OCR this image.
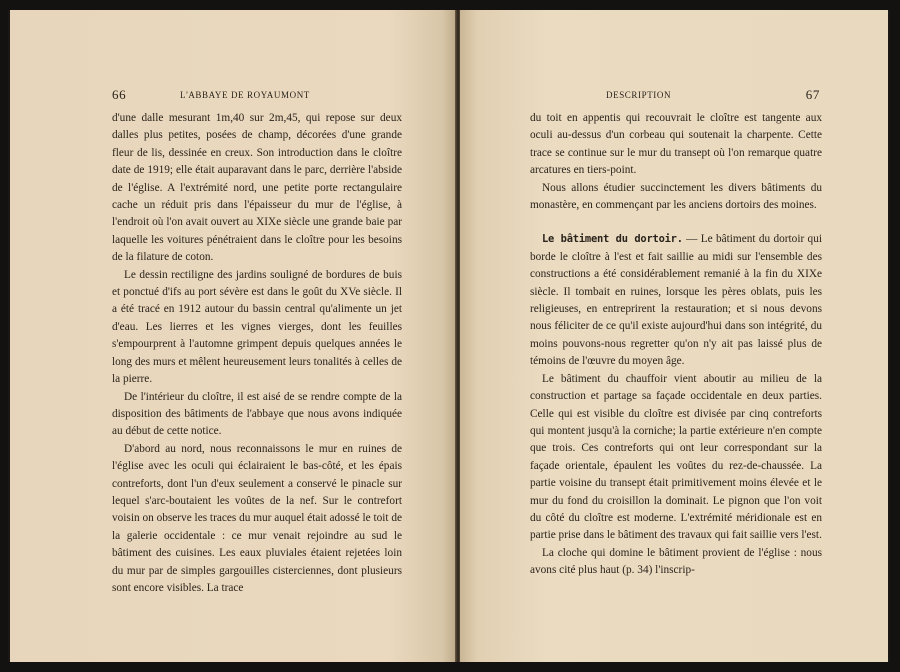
66	L'ABBAYE DE ROYAUMONT

d'une dalle mesurant 1m,40 sur 2m,45, qui repose sur deux dalles plus petites, posées de champ, décorées d'une grande fleur de lis, dessinée en creux. Son introduction dans le cloître date de 1919; elle était auparavant dans le parc, derrière l'abside de l'église. A l'extrémité nord, une petite porte rectangulaire cache un réduit pris dans l'épaisseur du mur de l'église, à l'endroit où l'on avait ouvert au XIXe siècle une grande baie par laquelle les voitures pénétraient dans le cloître pour les besoins de la filature de coton.

Le dessin rectiligne des jardins souligné de bordures de buis et ponctué d'ifs au port sévère est dans le goût du XVe siècle. Il a été tracé en 1912 autour du bassin central qu'alimente un jet d'eau. Les lierres et les vignes vierges, dont les feuilles s'empourprent à l'automne grimpent depuis quelques années le long des murs et mêlent heureusement leurs tonalités à celles de la pierre.

De l'intérieur du cloître, il est aisé de se rendre compte de la disposition des bâtiments de l'abbaye que nous avons indiquée au début de cette notice.

D'abord au nord, nous reconnaissons le mur en ruines de l'église avec les oculi qui éclairaient le bas-côté, et les épais contreforts, dont l'un d'eux seulement a conservé le pinacle sur lequel s'arc-boutaient les voûtes de la nef. Sur le contrefort voisin on observe les traces du mur auquel était adossé le toit de la galerie occidentale : ce mur venait rejoindre au sud le bâtiment des cuisines. Les eaux pluviales étaient rejetées loin du mur par de simples gargouilles cisterciennes, dont plusieurs sont encore visibles. La trace

DESCRIPTION	67

du toit en appentis qui recouvrait le cloître est tangente aux oculi au-dessus d'un corbeau qui soutenait la charpente. Cette trace se continue sur le mur du transept où l'on remarque quatre arcatures en tiers-point.

Nous allons étudier succinctement les divers bâtiments du monastère, en commençant par les anciens dortoirs des moines.

Le bâtiment du dortoir. — Le bâtiment du dortoir qui borde le cloître à l'est et fait saillie au midi sur l'ensemble des constructions a été considérablement remanié à la fin du XIXe siècle. Il tombait en ruines, lorsque les pères oblats, puis les religieuses, en entreprirent la restauration; et si nous devons nous féliciter de ce qu'il existe aujourd'hui dans son intégrité, du moins pouvons-nous regretter qu'on n'y ait pas laissé plus de témoins de l'œuvre du moyen âge.

Le bâtiment du chauffoir vient aboutir au milieu de la construction et partage sa façade occidentale en deux parties. Celle qui est visible du cloître est divisée par cinq contreforts qui montent jusqu'à la corniche; la partie extérieure n'en compte que trois. Ces contreforts qui ont leur correspondant sur la façade orientale, épaulent les voûtes du rez-de-chaussée. La partie voisine du transept était primitivement moins élevée et le mur du fond du croisillon la dominait. Le pignon que l'on voit du côté du cloître est moderne. L'extrémité méridionale est en partie prise dans le bâtiment des travaux qui fait saillie vers l'est.

La cloche qui domine le bâtiment provient de l'église : nous avons cité plus haut (p. 34) l'inscrip-
